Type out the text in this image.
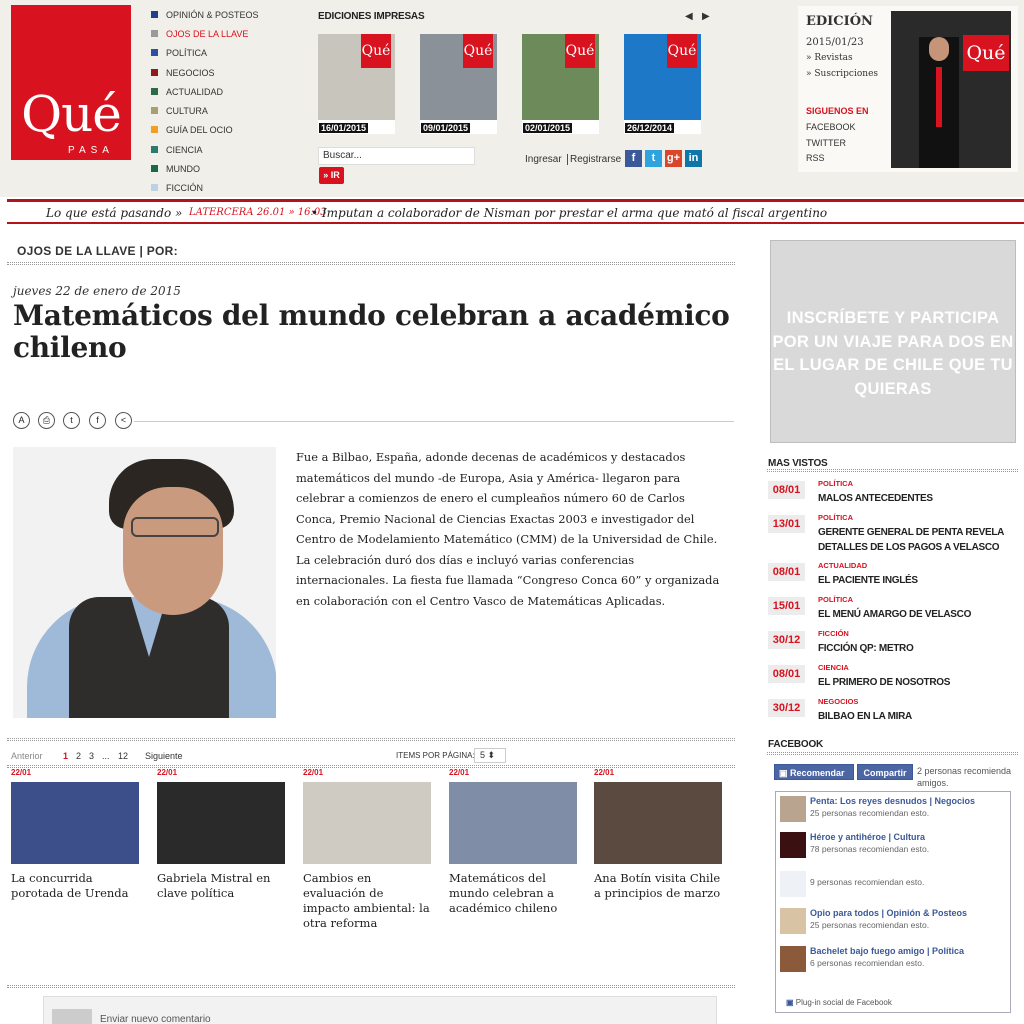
Qué
PASA
OPINIÓN & POSTEOS
OJOS DE LA LLAVE
POLÍTICA
NEGOCIOS
ACTUALIDAD
CULTURA
GUÍA DEL OCIO
CIENCIA
MUNDO
FICCIÓN
EDICIONES IMPRESAS	◀ ▶
Qué
16/01/2015
Qué
09/01/2015
Qué
02/01/2015
Qué
26/12/2014
Buscar...
» IR
Ingresar Registrarse f	t	g+ in
EDICIÓN
2015/01/23
» Revistas
» Suscripciones
SIGUENOS EN
FACEBOOK
TWITTER
RSS
Qué
Lo que está pasando » LATERCERA 26.01 » 16:03
• Imputan a colaborador de Nisman por prestar el arma que mató al fiscal argentino
OJOS DE LA LLAVE | POR:
jueves 22 de enero de 2015
Matemáticos del mundo celebran a académico chileno
A	⎙	t	f	<
Fue a Bilbao, España, adonde decenas de académicos y destacados matemáticos del mundo -de Europa, Asia y América- llegaron para celebrar a comienzos de enero el cumpleaños número 60 de Carlos Conca, Premio Nacional de Ciencias Exactas 2003 e investigador del Centro de Modelamiento Matemático (CMM) de la Universidad de Chile. La celebración duró dos días e incluyó varias conferencias internacionales. La fiesta fue llamada “Congreso Conca 60” y organizada en colaboración con el Centro Vasco de Matemáticas Aplicadas.
Anterior 1 2 3 ... 12 Siguiente	ITEMS POR PÁGINA: 5 ⬍
22/01
La concurrida porotada de Urenda
22/01
Gabriela Mistral en clave política
22/01
Cambios en evaluación de impacto ambiental: la otra reforma
22/01
Matemáticos del mundo celebran a académico chileno
22/01
Ana Botín visita Chile a principios de marzo
Enviar nuevo comentario
INSCRÍBETE Y PARTICIPA POR UN VIAJE PARA DOS EN EL LUGAR DE CHILE QUE TU QUIERAS
MAS VISTOS
08/01
POLÍTICA
MALOS ANTECEDENTES
13/01
POLÍTICA
GERENTE GENERAL DE PENTA REVELA DETALLES DE LOS PAGOS A VELASCO
08/01
ACTUALIDAD
EL PACIENTE INGLÉS
15/01
POLÍTICA
EL MENÚ AMARGO DE VELASCO
30/12
FICCIÓN
FICCIÓN QP: METRO
08/01
CIENCIA
EL PRIMERO DE NOSOTROS
30/12
NEGOCIOS
BILBAO EN LA MIRA
FACEBOOK
▣ Recomendar	Compartir	2 personas recomienda amigos.
Penta: Los reyes desnudos | Negocios
25 personas recomiendan esto.
Héroe y antihéroe | Cultura
78 personas recomiendan esto.
9 personas recomiendan esto.
Opio para todos | Opinión & Posteos
25 personas recomiendan esto.
Bachelet bajo fuego amigo | Política
6 personas recomiendan esto.
▣ Plug-in social de Facebook
